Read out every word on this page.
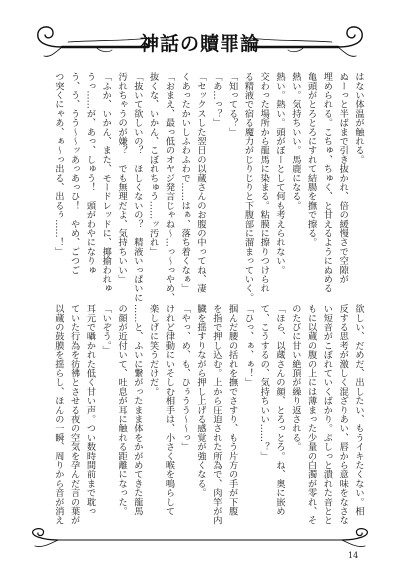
神話の贖罪論
はない体温が触れる。
ぬーっと半ばまで引き抜かれ、倍の緩慢さで空隙が
埋められる。こちゅ、ちゅく、と甘えるようにぬめる
亀頭がとろとろにすれて結腸を撫で擦る。
熱い。気持ちいい。馬鹿になる。
熱い。熱い。頭がぼーとして何も考えられない。
交わった場所から龍馬に染まる。粘膜に擦りつけられ
る精液で宿る魔力がじりじりと下腹部に溜まっていく。
「知ってる？」
「あ…っ？」
「セックスした翌日の以蔵さんのお腹の中ってね、凄
くあったかいしふわふわで……はぁ、落ち着くなぁ」
「おまえ、最っ低のオヤジ発言じゃね〜…っ〜っやめ、
抜くな、いかん、こぼれちゅう……ッ汚れ」
「抜いて欲しいの？　ほしくないの？　精液いっぱいに
汚れちゃうのが嫌？　でも無理だよ、気持ちいい」
「ふか、いかん、また、モードレッドに、揶揄われゅ
うっ……が、あっ、しゅう！　頭がわやになりゅ
う、う、うう〜〜ッあっあっひ！　やめ、ごつご
つ突くにゃあ、ぁ〜っ出る、出るぅ……！」
欲しい、だめだ、出したい、もうイキたくない。相
反する思考が激しく混ざりあい、唇から意味をなさな
い短音がこぼれていくばかり。ぷしっと潰れた音とと
もに以蔵の腹の上には薄まった少量の白濁が零れ、そ
のたびに甘い絶頂が繰り返される。
「ほら、以蔵さんの顔、とろっとろ。ね、奥に嵌め
て、こうするの、気持ちいい……？」
「ひっ、ぁ、ぁ！」
掴んだ腰の括れを撫でさすり、もう片方の手が下腹
を指で押し込む。上から圧迫された所為で、肉竿が内
臓を揺すりながら押し上げる感覚が強くなる。
「やっ、め、も、ひぅうう〜〜っ」
けれど律動にいそしむ相手は、小さく喉を鳴らして
楽しげに笑うだけだ。
……と、ふいに繋がったまま体をかがめてきた龍馬
の顔が近付いて、吐息が耳に触れる距離になった。
「いぞう。」
耳元で囁かれた低く甘い声。つい数時間前まで耽っ
ていた行為を彷彿とさせる夜の空気を孕んだ言の葉が
以蔵の鼓膜を揺らし、ほんの一瞬、周りから音が消え
14
